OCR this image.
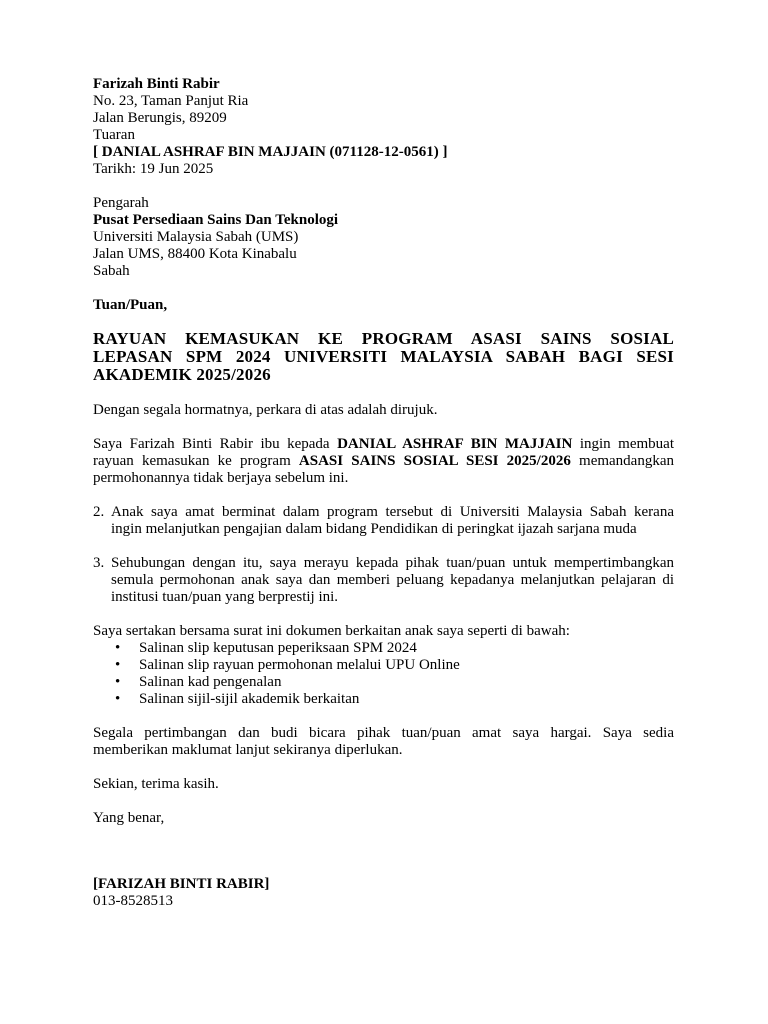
Farizah Binti Rabir
No. 23, Taman Panjut Ria
Jalan Berungis, 89209
Tuaran
[ DANIAL ASHRAF BIN MAJJAIN (071128-12-0561) ]
Tarikh: 19 Jun 2025
Pengarah
Pusat Persediaan Sains Dan Teknologi
Universiti Malaysia Sabah (UMS)
Jalan UMS, 88400 Kota Kinabalu
Sabah
Tuan/Puan,
RAYUAN KEMASUKAN KE PROGRAM ASASI SAINS SOSIAL
LEPASAN SPM 2024 UNIVERSITI MALAYSIA SABAH BAGI SESI
AKADEMIK 2025/2026
Dengan segala hormatnya, perkara di atas adalah dirujuk.
Saya Farizah Binti Rabir ibu kepada DANIAL ASHRAF BIN MAJJAIN ingin membuat
rayuan kemasukan ke program ASASI SAINS SOSIAL SESI 2025/2026 memandangkan
permohonannya tidak berjaya sebelum ini.
2. Anak saya amat berminat dalam program tersebut di Universiti Malaysia Sabah kerana
ingin melanjutkan pengajian dalam bidang Pendidikan di peringkat ijazah sarjana muda
3. Sehubungan dengan itu, saya merayu kepada pihak tuan/puan untuk mempertimbangkan
semula permohonan anak saya dan memberi peluang kepadanya melanjutkan pelajaran di
institusi tuan/puan yang berprestij ini.
Saya sertakan bersama surat ini dokumen berkaitan anak saya seperti di bawah:
• Salinan slip keputusan peperiksaan SPM 2024
• Salinan slip rayuan permohonan melalui UPU Online
• Salinan kad pengenalan
• Salinan sijil-sijil akademik berkaitan
Segala pertimbangan dan budi bicara pihak tuan/puan amat saya hargai. Saya sedia
memberikan maklumat lanjut sekiranya diperlukan.
Sekian, terima kasih.
Yang benar,
[FARIZAH BINTI RABIR]
013-8528513
